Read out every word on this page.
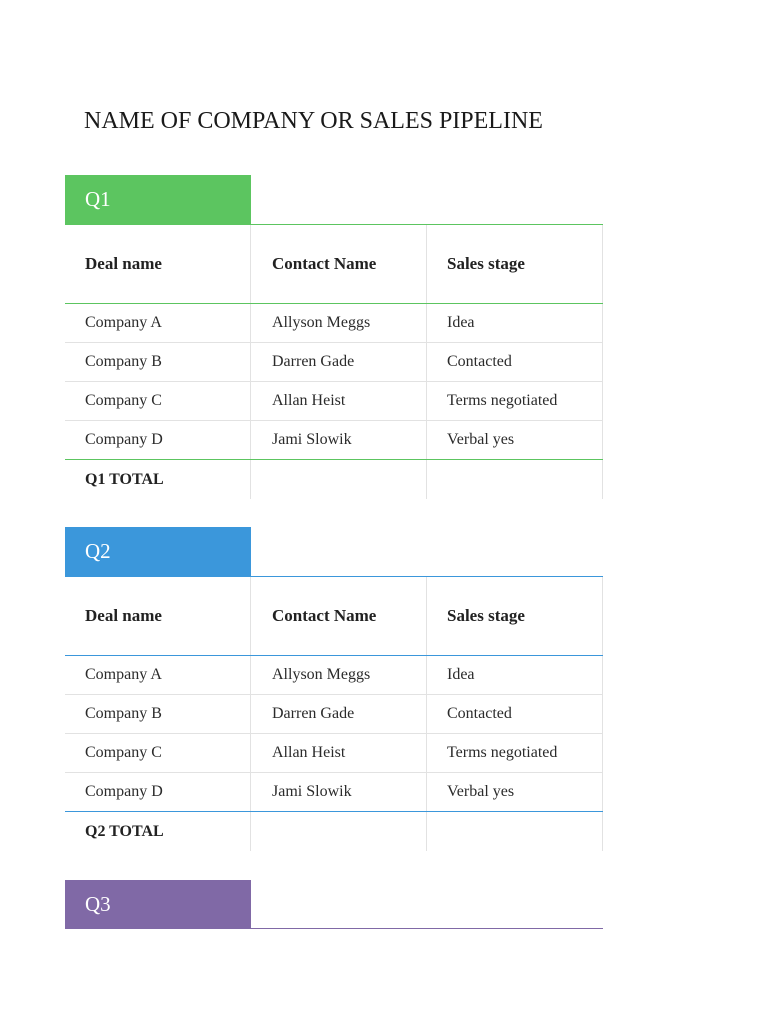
NAME OF COMPANY OR SALES PIPELINE
Q1
Deal name	Contact Name	Sales stage
Company A	Allyson Meggs	Idea
Company B	Darren Gade	Contacted
Company C	Allan Heist	Terms negotiated
Company D	Jami Slowik	Verbal yes
Q1 TOTAL
Q2
Deal name	Contact Name	Sales stage
Company A	Allyson Meggs	Idea
Company B	Darren Gade	Contacted
Company C	Allan Heist	Terms negotiated
Company D	Jami Slowik	Verbal yes
Q2 TOTAL
Q3
